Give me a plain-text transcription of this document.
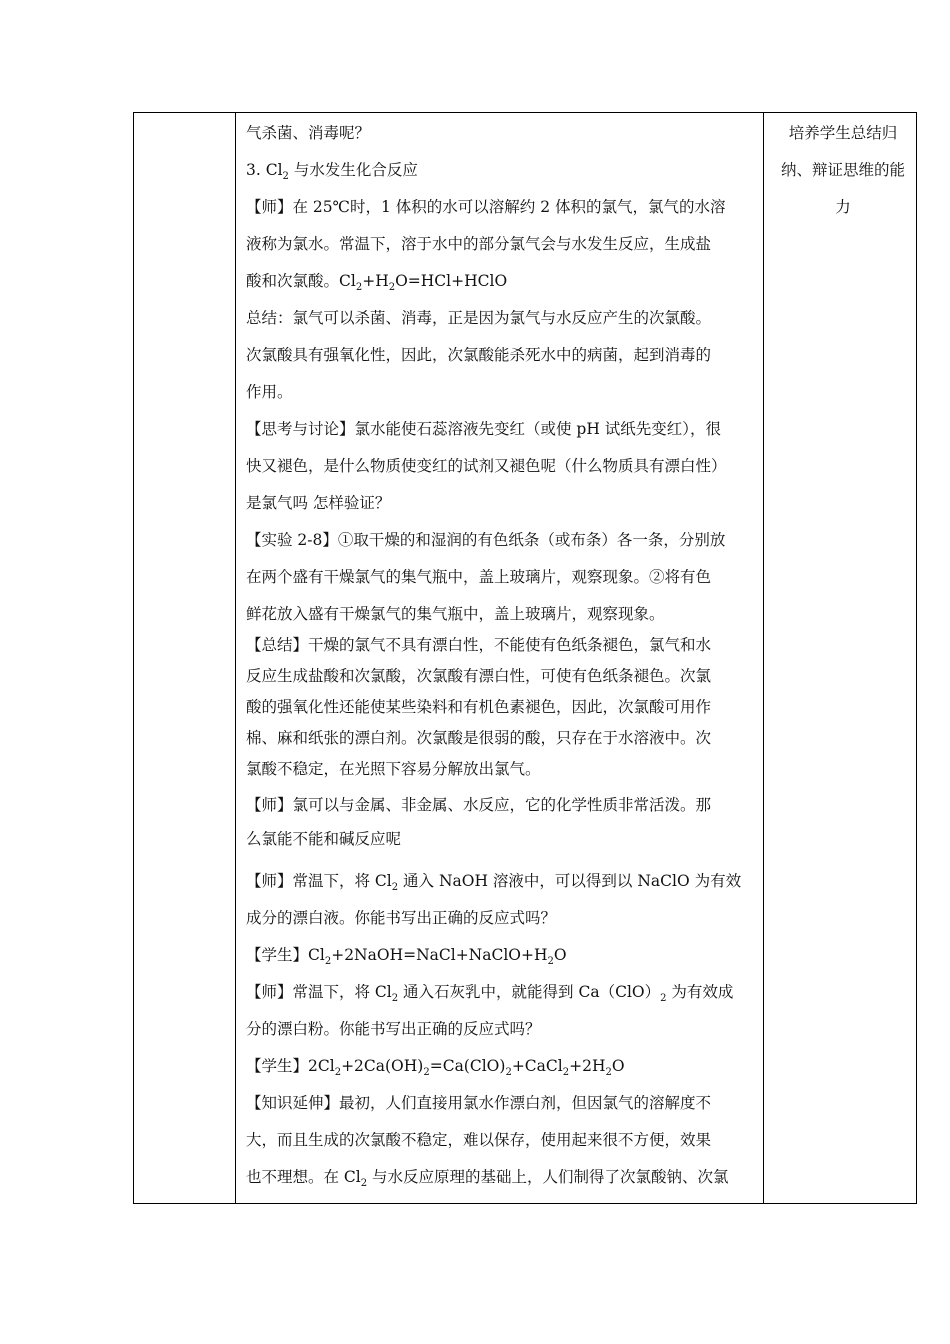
气杀菌、消毒呢？
3. $Cl_2$ 与水发生化合反应
【师】在 25℃时，1 体积的水可以溶解约 2 体积的氯气，氯气的水溶
液称为氯水。常温下，溶于水中的部分氯气会与水发生反应，生成盐
酸和次氯酸。$Cl_2+H_2O=HCl+HClO$
总结：氯气可以杀菌、消毒，正是因为氯气与水反应产生的次氯酸。
次氯酸具有强氧化性，因此，次氯酸能杀死水中的病菌，起到消毒的
作用。
【思考与讨论】氯水能使石蕊溶液先变红（或使 pH 试纸先变红），很
快又褪色，是什么物质使变红的试剂又褪色呢（什么物质具有漂白性）
是氯气吗 怎样验证？
【实验 2-8】①取干燥的和湿润的有色纸条（或布条）各一条，分别放
在两个盛有干燥氯气的集气瓶中，盖上玻璃片，观察现象。②将有色
鲜花放入盛有干燥氯气的集气瓶中，盖上玻璃片，观察现象。
【总结】干燥的氯气不具有漂白性，不能使有色纸条褪色，氯气和水
反应生成盐酸和次氯酸，次氯酸有漂白性，可使有色纸条褪色。次氯
酸的强氧化性还能使某些染料和有机色素褪色，因此，次氯酸可用作
棉、麻和纸张的漂白剂。次氯酸是很弱的酸，只存在于水溶液中。次
氯酸不稳定，在光照下容易分解放出氯气。
【师】氯可以与金属、非金属、水反应，它的化学性质非常活泼。那
么氯能不能和碱反应呢
【师】常温下，将 $Cl_2$ 通入 NaOH 溶液中，可以得到以 NaClO 为有效
成分的漂白液。你能书写出正确的反应式吗？
【学生】$Cl_2+2NaOH=NaCl+NaClO+H_2O$
【师】常温下，将 $Cl_2$ 通入石灰乳中，就能得到 $Ca(ClO)_2$ 为有效成
分的漂白粉。你能书写出正确的反应式吗？
【学生】$2Cl_2+2Ca(OH)_2=Ca(ClO)_2+CaCl_2+2H_2O$
【知识延伸】最初，人们直接用氯水作漂白剂，但因氯气的溶解度不
大，而且生成的次氯酸不稳定，难以保存，使用起来很不方便，效果
也不理想。在 $Cl_2$ 与水反应原理的基础上，人们制得了次氯酸钠、次氯
培养学生总结归
纳、辩证思维的能
力
